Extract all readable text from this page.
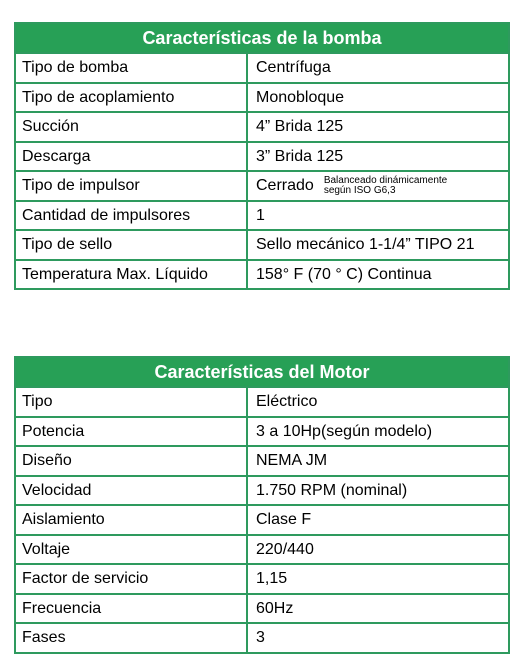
Características de la bomba
Tipo de bomba	Centrífuga
Tipo de acoplamiento	Monobloque
Succión	4” Brida 125
Descarga	3” Brida 125
Tipo de impulsor	Cerrado Balanceado dinámicamente
según ISO G6,3
Cantidad de impulsores	1
Tipo de sello	Sello mecánico 1-1/4” TIPO 21
Temperatura Max. Líquido	158° F (70 ° C) Continua
Características del Motor
Tipo	Eléctrico
Potencia	3 a 10Hp(según modelo)
Diseño	NEMA JM
Velocidad	1.750 RPM (nominal)
Aislamiento	Clase F
Voltaje	220/440
Factor de servicio	1,15
Frecuencia	60Hz
Fases	3
